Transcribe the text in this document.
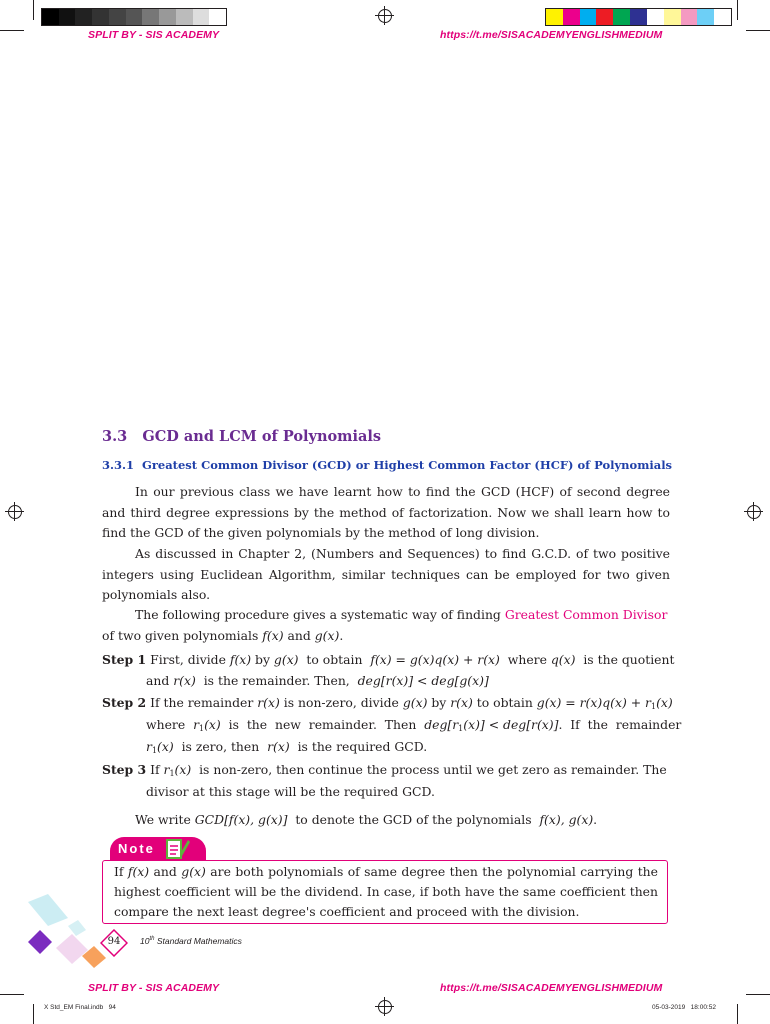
SPLIT BY - SIS ACADEMY	https://t.me/SISACADEMYENGLISHMEDIUM
3.3   GCD and LCM of Polynomials
3.3.1  Greatest Common Divisor (GCD) or Highest Common Factor (HCF) of Polynomials
In our previous class we have learnt how to find the GCD (HCF) of second degree and third degree expressions by the method of factorization. Now we shall learn how to find the GCD of the given polynomials by the method of long division.
As discussed in Chapter 2, (Numbers and Sequences) to find G.C.D. of two positive integers using Euclidean Algorithm, similar techniques can be employed for two given polynomials also.
The following procedure gives a systematic way of finding Greatest Common Divisor
of two given polynomials f(x) and g(x).
Step 1 First, divide f(x) by g(x)  to obtain  f(x) = g(x)q(x) + r(x)  where q(x)  is the quotient
and r(x)  is the remainder. Then,  deg[r(x)] < deg[g(x)]
Step 2 If the remainder r(x) is non-zero, divide g(x) by r(x) to obtain $g(x) = r(x)q(x) + r_1(x)$
where  $r_1(x)$  is  the  new  remainder.  Then  $deg[r_1(x)] < deg[r(x)]$.  If  the  remainder
$r_1(x)$  is zero, then  r(x)  is the required GCD.
Step 3 If $r_1(x)$  is non-zero, then continue the process until we get zero as remainder. The
divisor at this stage will be the required GCD.
We write GCD[f(x), g(x)]  to denote the GCD of the polynomials  f(x), g(x).
Note
If f(x) and g(x) are both polynomials of same degree then the polynomial carrying the highest coefficient will be the dividend. In case, if both have the same coefficient then compare the next least degree's coefficient and proceed with the division.
94	10th Standard Mathematics
SPLIT BY - SIS ACADEMY	https://t.me/SISACADEMYENGLISHMEDIUM
X Std_EM Final.indb   94	05-03-2019   18:00:52
